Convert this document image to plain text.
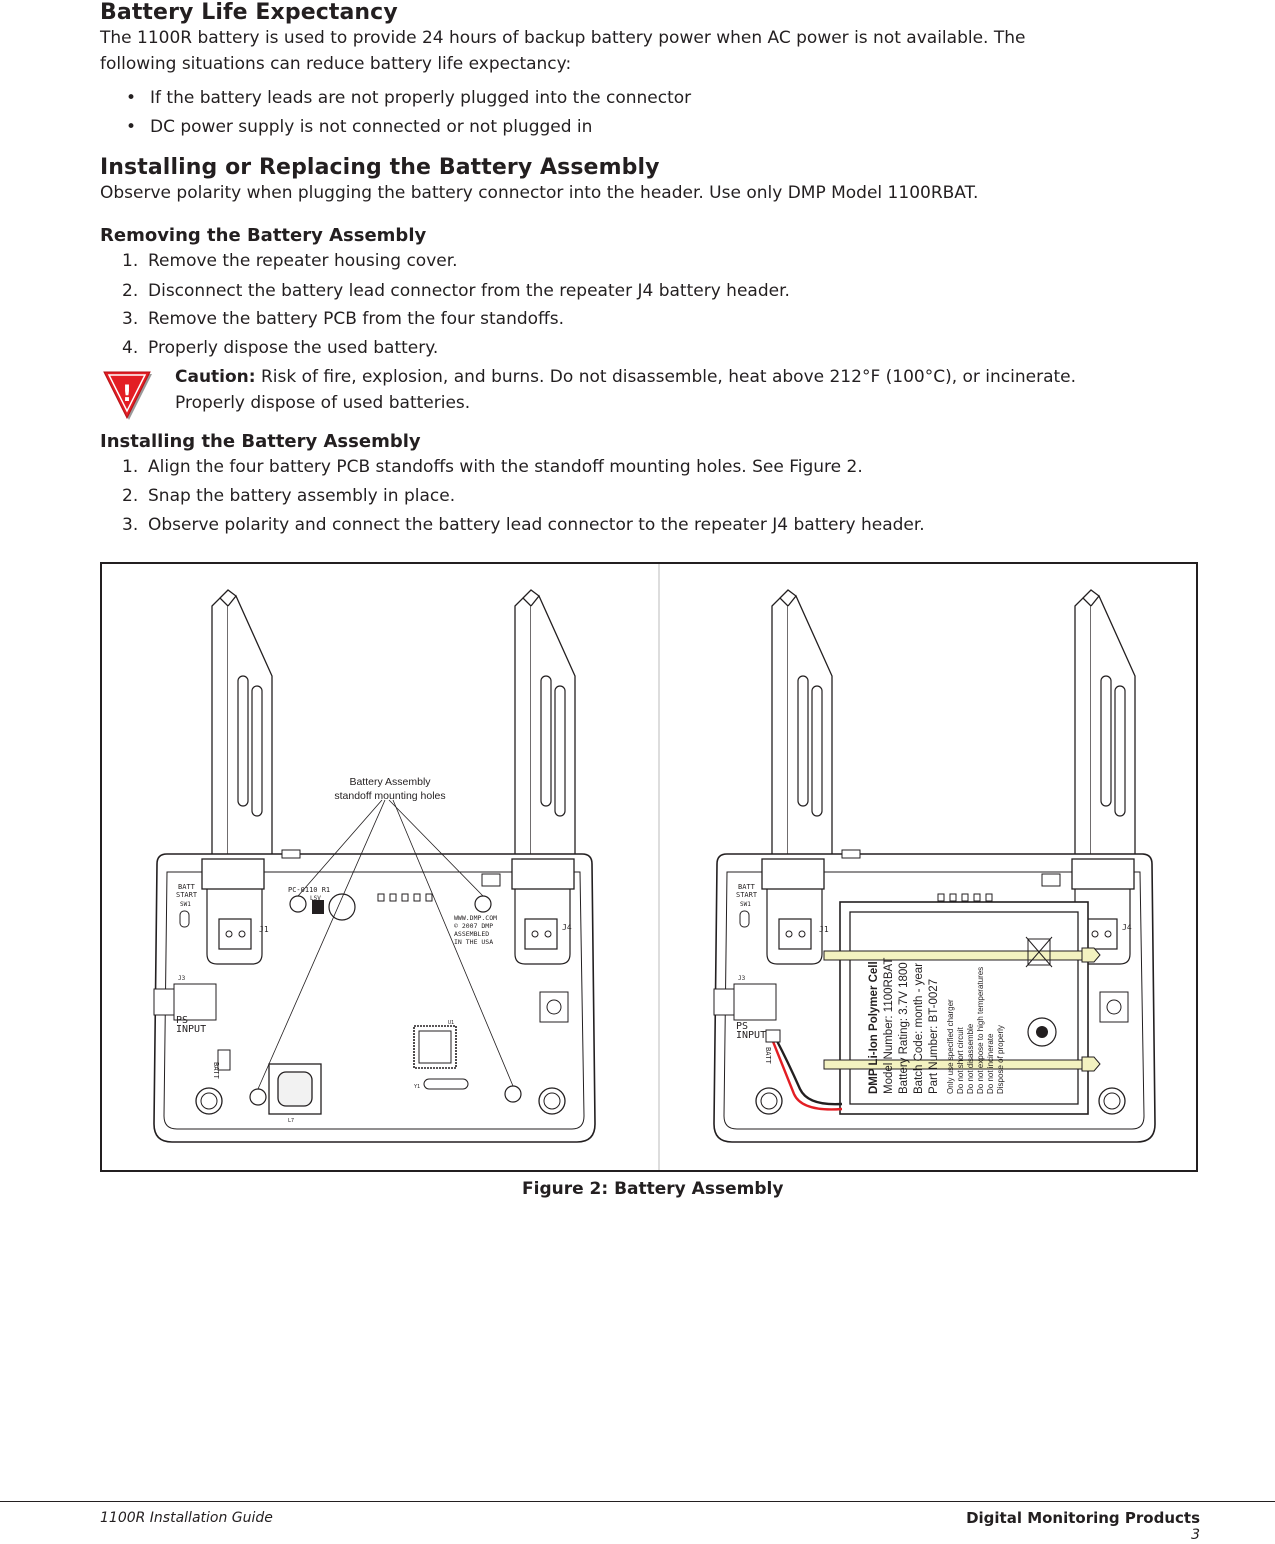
Battery Life Expectancy
The 1100R battery is used to provide 24 hours of backup battery power when AC power is not available. The
following situations can reduce battery life expectancy:
• If the battery leads are not properly plugged into the connector
• DC power supply is not connected or not plugged in
Installing or Replacing the Battery Assembly
Observe polarity when plugging the battery connector into the header. Use only DMP Model 1100RBAT.
Removing the Battery Assembly
1. Remove the repeater housing cover.
2. Disconnect the battery lead connector from the repeater J4 battery header.
3. Remove the battery PCB from the four standoffs.
4. Properly dispose the used battery.
!
Caution: Risk of fire, explosion, and burns. Do not disassemble, heat above 212°F (100°C), or incinerate.
Properly dispose of used batteries.
Installing the Battery Assembly
1. Align the four battery PCB standoffs with the standoff mounting holes. See Figure 2.
2. Snap the battery assembly in place.
3. Observe polarity and connect the battery lead connector to the repeater J4 battery header.
Battery Assembly
standoff mounting holes
BATT
START
SW1
J1	J4
J3
PS
INPUT
PC-0110 R1
LSV
WWW.DMP.COM
© 2007 DMP
ASSEMBLED
IN THE USA
L7
Y1
U1
BATT	DMP Li-Ion Polymer Cell Model Number: 1100RBAT Battery Rating: 3.7V 1800 Batch Code: month - year Part Number: BT-0027 Only use specified charger Do not short circuit Do not disassemble Do not expose to high temperatures Do not incinerate Dispose of properly
BATT
START
SW1
J1	J4
J3
PS
INPUT
BATT
Figure 2: Battery Assembly
1100R Installation Guide	Digital Monitoring Products
3
